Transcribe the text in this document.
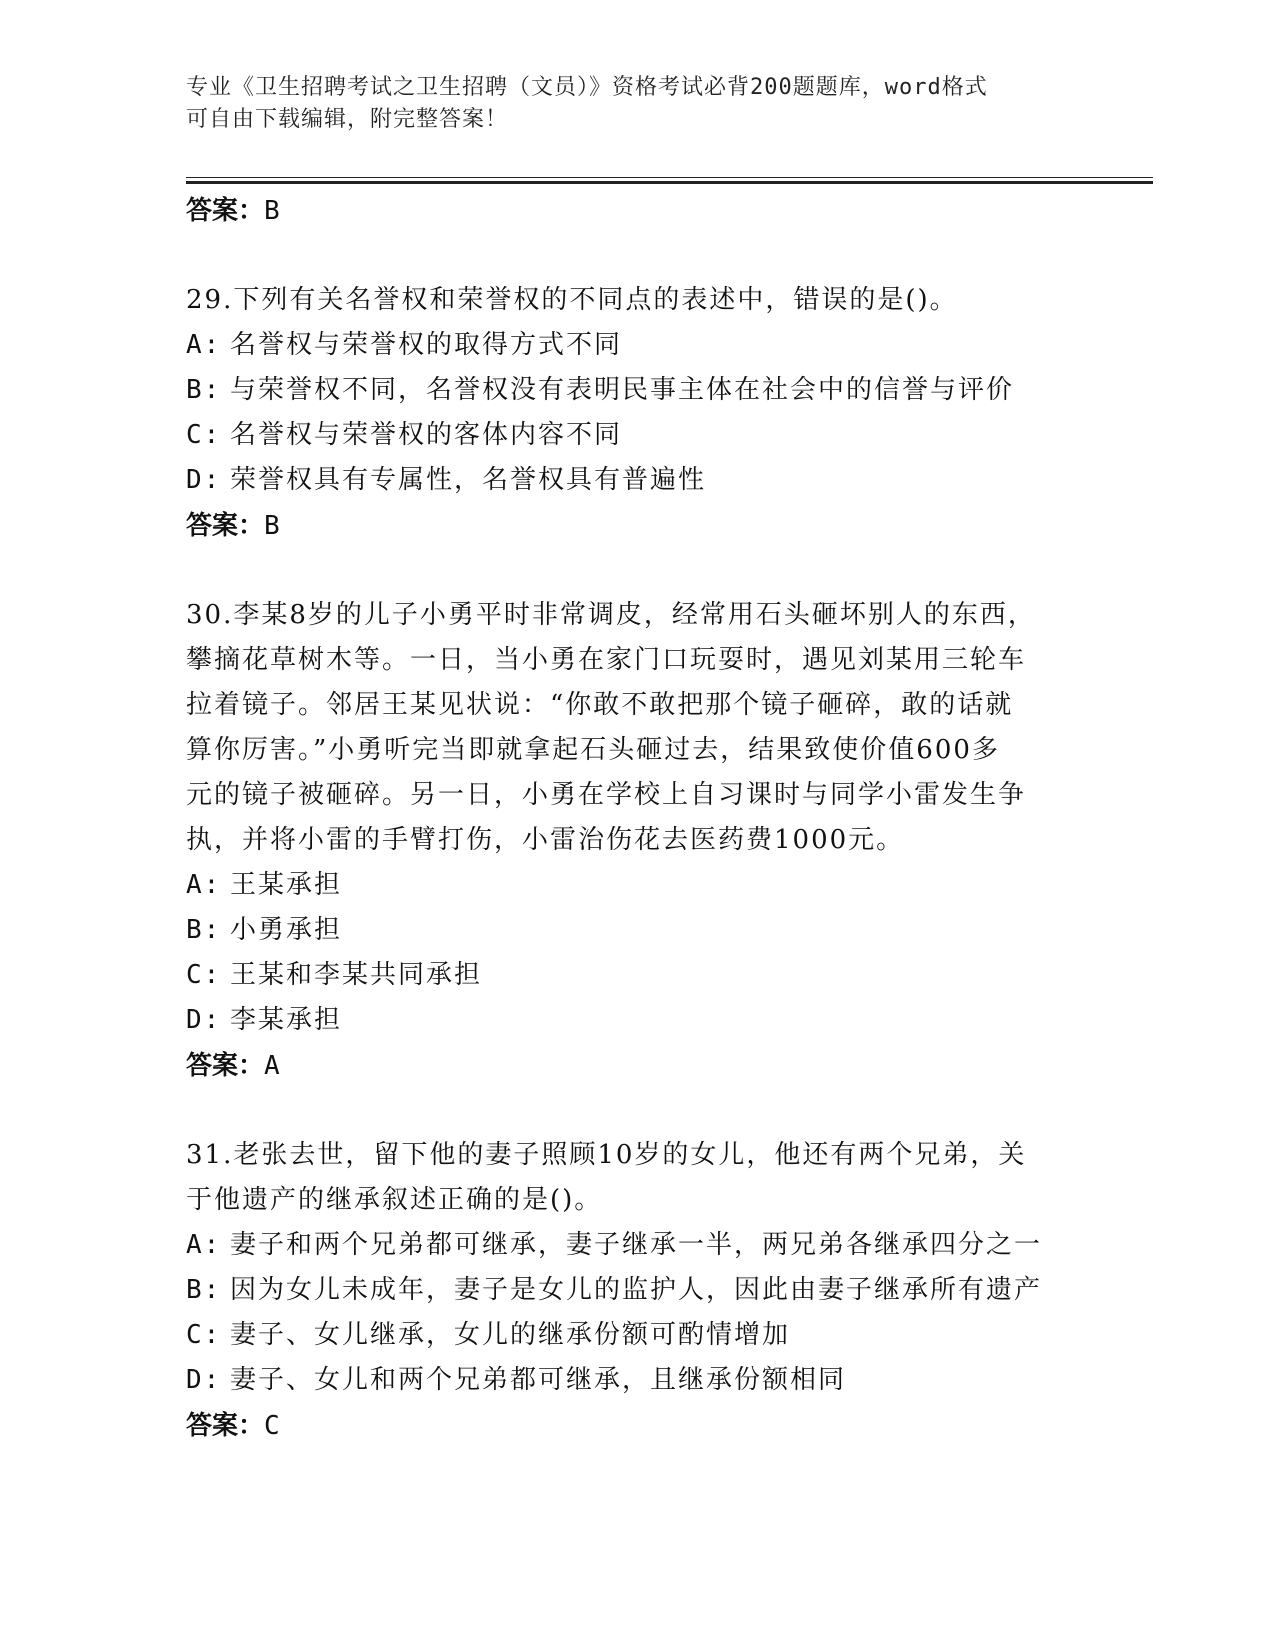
专业《卫生招聘考试之卫生招聘（文员）》资格考试必背200题题库，word格式
可自由下载编辑，附完整答案！
答案：B
29.下列有关名誉权和荣誉权的不同点的表述中，错误的是()。
A: 名誉权与荣誉权的取得方式不同
B: 与荣誉权不同，名誉权没有表明民事主体在社会中的信誉与评价
C: 名誉权与荣誉权的客体内容不同
D: 荣誉权具有专属性，名誉权具有普遍性
答案：B
30.李某8岁的儿子小勇平时非常调皮，经常用石头砸坏别人的东西，
攀摘花草树木等。一日，当小勇在家门口玩耍时，遇见刘某用三轮车
拉着镜子。邻居王某见状说：“你敢不敢把那个镜子砸碎，敢的话就
算你厉害。”小勇听完当即就拿起石头砸过去，结果致使价值600多
元的镜子被砸碎。另一日，小勇在学校上自习课时与同学小雷发生争
执，并将小雷的手臂打伤，小雷治伤花去医药费1000元。
A: 王某承担
B: 小勇承担
C: 王某和李某共同承担
D: 李某承担
答案：A
31.老张去世，留下他的妻子照顾10岁的女儿，他还有两个兄弟，关
于他遗产的继承叙述正确的是()。
A: 妻子和两个兄弟都可继承，妻子继承一半，两兄弟各继承四分之一
B: 因为女儿未成年，妻子是女儿的监护人，因此由妻子继承所有遗产
C: 妻子、女儿继承，女儿的继承份额可酌情增加
D: 妻子、女儿和两个兄弟都可继承，且继承份额相同
答案：C
